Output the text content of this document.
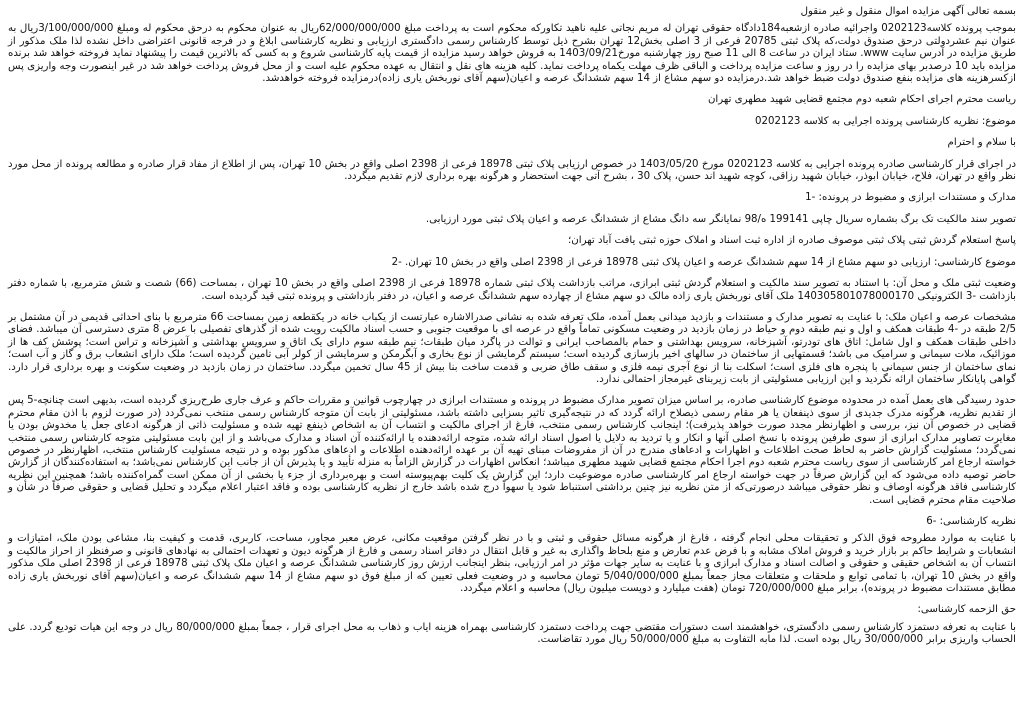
بسمه تعالی آگهی مزایده اموال منقول و غیر منقول
بموجب پرونده کلاسه0202123 واجرائیه صادره ازشعبه184دادگاه حقوقی تهران له مریم نجاتی علیه ناهید تکاورکه محکوم است به پرداخت مبلغ 62/000/000/000ریال به عنوان محکوم به درحق محکوم له ومبلغ 3/100/000/000ریال به عنوان نیم عشردولتی درحق صندوق دولت،که پلاک ثبتی 20785 فرعی از 3 اصلی بخش12 تهران بشرح ذیل توسط کارشناس رسمی دادگستری ارزیابی و نظریه کارشناسی ابلاغ و در فرجه قانونی اعتراضی داخل نشده لذا ملک مذکور از طریق مزایده در آدرس سایت www. ستاد ایران در ساعت 8 الی 11 صبح روز چهارشنبه مورخ1403/09/21 به فروش خواهد رسید مزایده از قیمت پایه کارشناسی شروع و به کسی که بالاترین قیمت را پیشنهاد نماید فروخته خواهد شد برنده مزایده باید 10 درصدبر بهای مزایده را در روز و ساعت مزایده پرداخت و الباقی ظرف مهلت یکماه پرداخت نماید. کلیه هزینه های نقل و انتقال به عهده محکوم علیه است و از محل فروش پرداخت خواهد شد در غیر اینصورت وجه واریزی پس ازکسرهزینه های مزایده بنفع صندوق دولت ضبط خواهد شد.درمزایده دو سهم مشاع از 14 سهم ششدانگ عرصه و اعیان(سهم آقای نوربخش یاری زاده)درمزایده فروخته خواهدشد.
ریاست محترم اجرای احکام شعبه دوم مجتمع قضایی شهید مطهری تهران
موضوع: نظریه کارشناسی پرونده اجرایی به کلاسه 0202123
با سلام و احترام
در اجرای قرار کارشناسی صادره پرونده اجرایی به کلاسه 0202123 مورخ 1403/05/20 در خصوص ارزیابی پلاک ثبتی 18978 فرعی از 2398 اصلی واقع در بخش 10 تهران، پس از اطلاع از مفاد قرار صادره و مطالعه پرونده از محل مورد نظر واقع در تهران، فلاح، خیابان ابوذر، خیابان شهید رزاقی، کوچه شهید اند حسن، پلاک 30 ، بشرح آتی جهت استحضار و هرگونه بهره برداری لازم تقدیم میگردد.
مدارک و مستندات ابرازی و مضبوط در پرونده: -1
تصویر سند مالکیت تک برگ بشماره سریال چاپی 199141 ه/98 نمایانگر سه دانگ مشاع از ششدانگ عرصه و اعیان پلاک ثبتی مورد ارزیابی.
پاسخ استعلام گردش ثبتی پلاک ثبتی موصوف صادره از اداره ثبت اسناد و املاک حوزه ثبتی یافت آباد تهران؛
موضوع کارشناسی: ارزیابی دو سهم مشاع از 14 سهم ششدانگ عرصه و اعیان پلاک ثبتی 18978 فرعی از 2398 اصلی واقع در بخش 10 تهران. -2
وضعیت ثبتی ملک و محل آن: با استناد به تصویر سند مالکیت و استعلام گردش ثبتی ابرازی، مراتب بازداشت پلاک ثبتی شماره 18978 فرعی از 2398 اصلی واقع در بخش 10 تهران ، بمساحت (66) شصت و شش مترمربع، با شماره دفتر بازداشت -3 الکترونیکی 140305801078000170 ملک آقای نوربخش یاری زاده مالک دو سهم مشاع از چهارده سهم ششدانگ عرصه و اعیان، در دفتر بازداشتی و پرونده ثبتی قید گردیده است.
مشخصات عرصه و اعیان ملک: با عنایت به تصویر مدارک و مستندات و بازدید میدانی بعمل آمده، ملک تعرفه شده به نشانی صدرالاشاره عبارتست از یکباب خانه در یکقطعه زمین بمساحت 66 مترمربع با بنای احداثی قدیمی در آن مشتمل بر 2/5 طبقه در -4 طبقات همکف و اول و نیم طبقه دوم و حیاط در زمان بازدید در وضعیت مسکونی تماماً واقع در عرصه ای با موقعیت جنوبی و حسب اسناد مالکیت رویت شده از گذرهای تفصیلی با عرض 8 متری دسترسی آن میباشد. فضای داخلی طبقات همکف و اول شامل: اتاق های تودرتو، آشپزخانه، سرویس بهداشتی و حمام بالمصاحب ایرانی و توالت در پاگرد میان طبقات؛ نیم طبقه سوم دارای یک اتاق و سرویس بهداشتی و آشپزخانه و تراس است؛ پوشش کف ها از موزائیک، ملات سیمانی و سرامیک می باشد؛ قسمتهایی از ساختمان در سالهای اخیر بازسازی گردیده است؛ سیستم گرمایشی از نوع بخاری و آبگرمکن و سرمایشی از کولر آبی تامین گردیده است؛ ملک دارای انشعاب برق و گاز و آب است؛ نمای ساختمان از جنس سیمانی با پنجره های فلزی است؛ اسکلت بنا از نوع آجری نیمه فلزی و سقف طاق ضربی و قدمت ساخت بنا بیش از 45 سال تخمین میگردد. ساختمان در زمان بازدید در وضعیت سکونت و بهره برداری قرار دارد. گواهی پایانکار ساختمان ارائه نگردید و این ارزیابی مسئولیتی از بابت زیربنای غیرمجاز احتمالی ندارد.
حدود رسیدگی های بعمل آمده در محدوده موضوع کارشناسی صادره، بر اساس میزان تصویر مدارک مضبوط در پرونده و مستندات ابرازی در چهارچوب قوانین و مقررات حاکم و عرف جاری طرح‌ریزی گردیده است، بدیهی است چنانچه-5 پس از تقدیم نظریه، هرگونه مدرک جدیدی از سوی ذینفعان یا هر مقام رسمی ذیصلاح ارائه گردد که در نتیجه‌گیری تاثیر بسزایی داشته باشد، مسئولیتی از بابت آن متوجه کارشناس رسمی منتخب نمی‌گردد (در صورت لزوم با اذن مقام محترم قضایی در خصوص آن نیز، بررسی و اظهارنظر مجدد صورت خواهد پذیرفت)؛ اینجانب کارشناس رسمی منتخب، فارغ از اجرای مالکیت و انتساب آن به اشخاص ذینفع تهیه شده و مسئولیت ذاتی از هرگونه ادعای جعل یا مخدوش بودن یا مغایرت تصاویر مدارک ابرازی از سوی طرفین پرونده با نسخ اصلی آنها و انکار و یا تردید به دلایل یا اصول اسناد ارائه شده، متوجه ارائه‌دهنده یا ارائه‌کننده آن اسناد و مدارک می‌باشد و از این بابت مسئولیتی متوجه کارشناس رسمی منتخب نمی‌گردد؛ مسئولیت گزارش حاضر به لحاظ صحت اطلاعات و اظهارات و ادعاهای مندرج در آن از مفروضات مبنای تهیه آن بر عهده ارائه‌دهنده اطلاعات و ادعاهای مذکور بوده و در نتیجه مسئولیت کارشناس منتخب، اظهارنظر در خصوص خواسته ارجاع امر کارشناسی از سوی ریاست محترم شعبه دوم اجرا احکام مجتمع قضایی شهید مطهری میباشد؛ انعکاس اظهارات در گزارش الزاماً به منزله تأیید و یا پذیرش آن از جانب این کارشناس نمی‌باشد؛ به استفاده‌کنندگان از گزارش حاضر توصیه داده می‌شود که این گزارش صرفاً در جهت خواسته ارجاع امر کارشناسی صادره موضوعیت دارد؛ این گزارش یک کلیت بهم‌پیوسته است و بهره‌برداری از جزء یا بخشی از آن ممکن است گمراه‌کننده باشد؛ همچنین این نظریه کارشناسی فاقد هرگونه اوصاف و نظر حقوقی میباشد درصورتی‌که از متن نظریه نیز چنین برداشتی استنباط شود یا سهواً درج شده باشد خارج از نظریه کارشناسی بوده و فاقد اعتبار اعلام میگردد و تحلیل قضایی و حقوقی صرفاً در شأن و صلاحیت مقام محترم قضایی است.
نظریه کارشناسی: -6
با عنایت به موارد مطروحه فوق الذکر و تحقیقات محلی انجام گرفته ، فارغ از هرگونه مسائل حقوقی و ثبتی و با در نظر گرفتن موقعیت مکانی، عرض معبر مجاور، مساحت، کاربری، قدمت و کیفیت بنا، مشاعی بودن ملک، امتیازات و انشعابات و شرایط حاکم بر بازار خرید و فروش املاک مشابه و با فرض عدم تعارض و منع بلحاظ واگذاری به غیر و قابل انتقال در دفاتر اسناد رسمی و فارغ از هرگونه دیون و تعهدات احتمالی به نهادهای قانونی و صرفنظر از احراز مالکیت و انتساب آن به اشخاص حقیقی و حقوقی و اصالت اسناد و مدارک ابرازی و با عنایت به سایر جهات مؤثر در امر ارزیابی، بنظر اینجانب ارزش روز کارشناسی ششدانگ عرصه و اعیان ملک پلاک ثبتی 18978 فرعی از 2398 اصلی ملک مذکور واقع در بخش 10 تهران، با تمامی توابع و ملحقات و متعلقات مجاز جمعاً بمبلغ 5/040/000/000 تومان محاسبه و در وضعیت فعلی تعیین که از مبلغ فوق دو سهم مشاع از 14 سهم ششدانگ عرصه و اعیان(سهم آقای نوربخش یاری زاده مطابق مستندات مضبوط در پرونده)، برابر مبلغ 720/000/000 تومان (هفت میلیارد و دویست میلیون ریال) محاسبه و اعلام میگردد.
حق الزحمه کارشناسی:
با عنایت به تعرفه دستمزد کارشناس رسمی دادگستری، خواهشمند است دستورات مقتضی جهت پرداخت دستمزد کارشناسی بهمراه هزینه ایاب و ذهاب به محل اجرای قرار ، جمعاً بمبلغ 80/000/000 ریال در وجه این هیات تودیع گردد. علی الحساب واریزی برابر 30/000/000 ریال بوده است. لذا مابه التفاوت به مبلغ 50/000/000 ریال مورد تقاضاست.
